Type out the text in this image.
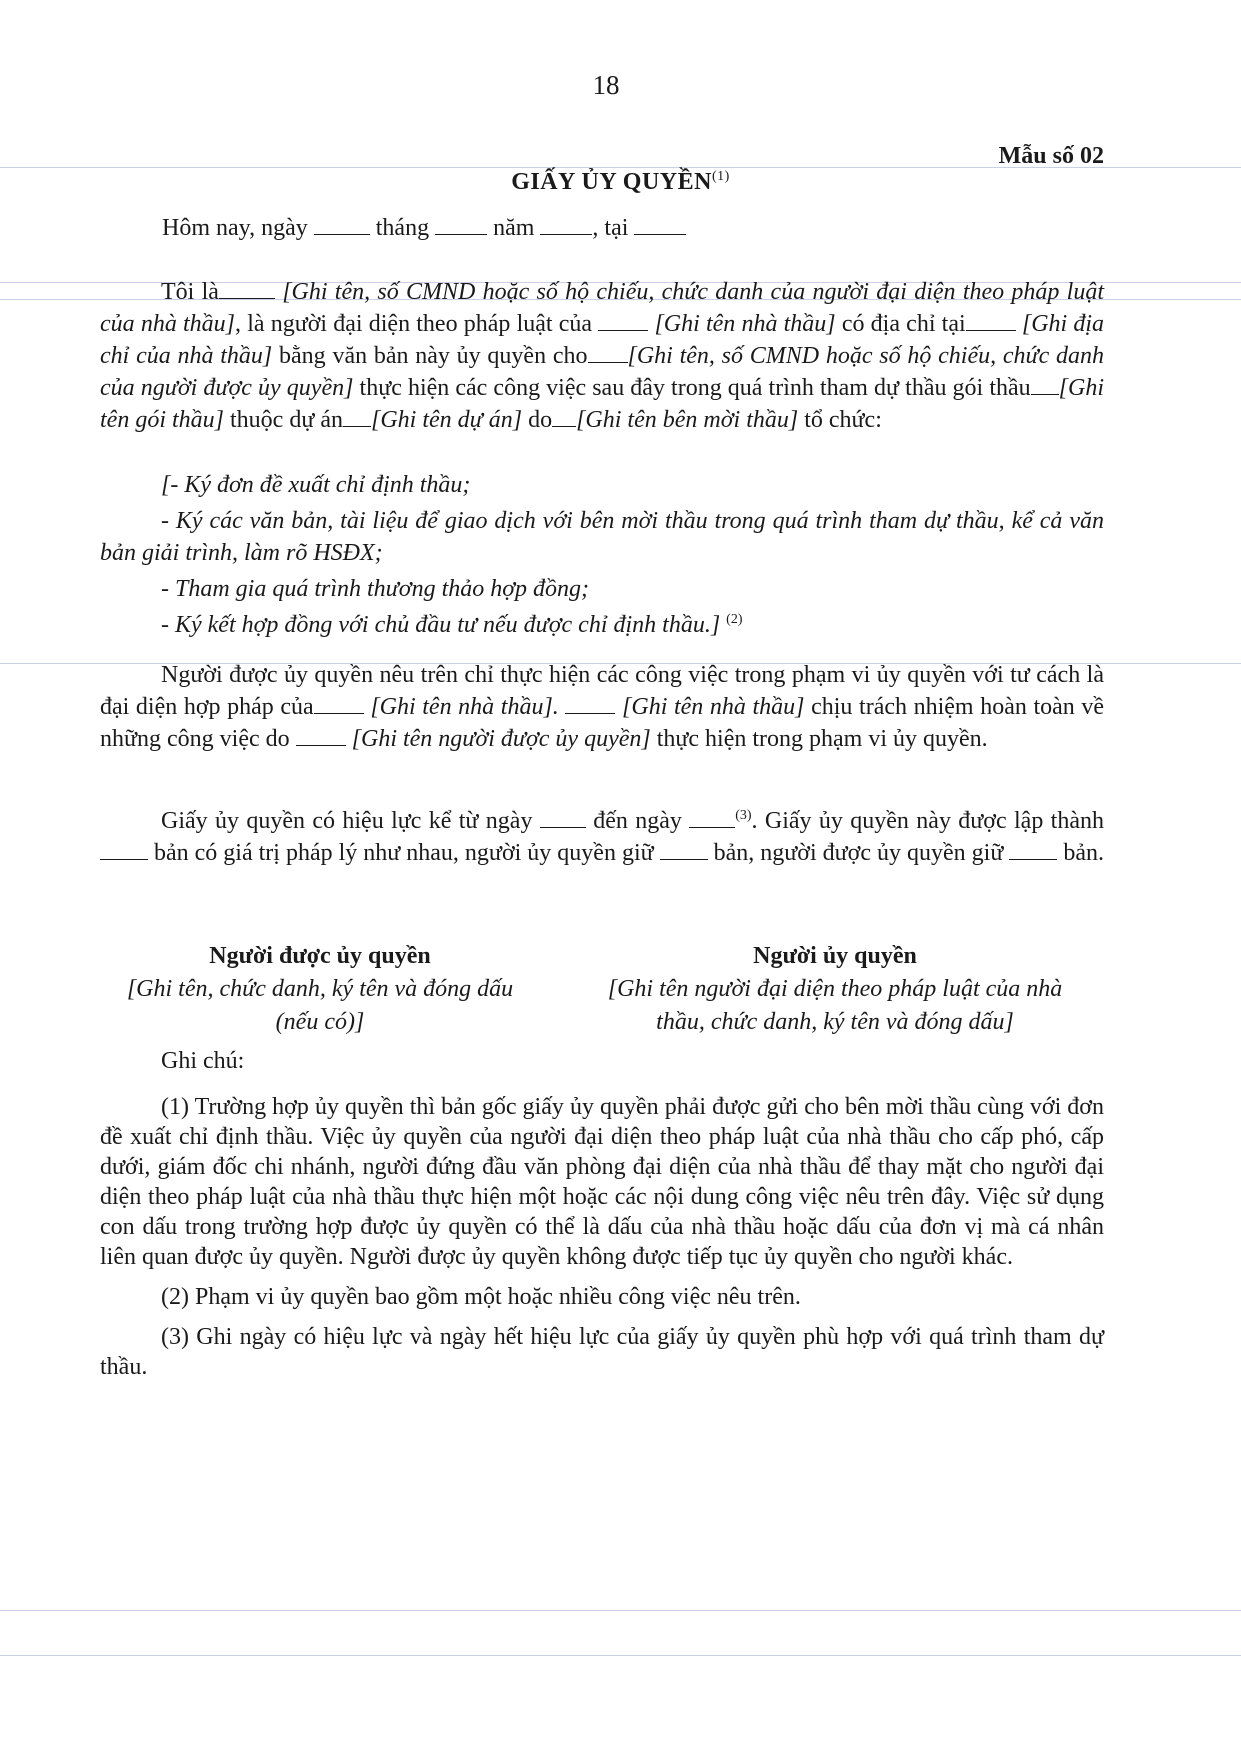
18
Mẫu số 02
GIẤY ỦY QUYỀN$^{(1)}$
Hôm nay, ngày	tháng	năm , tại
Tôi là	[Ghi tên, số CMND hoặc số hộ chiếu, chức danh của người đại diện theo pháp luật của nhà thầu], là người đại diện theo pháp luật của	[Ghi tên nhà thầu] có địa chỉ tại [Ghi địa chỉ của nhà thầu] bằng văn bản này ủy quyền cho [Ghi tên, số CMND hoặc số hộ chiếu, chức danh của người được ủy quyền] thực hiện các công việc sau đây trong quá trình tham dự thầu gói thầu [Ghi tên gói thầu] thuộc dự án [Ghi tên dự án] do [Ghi tên bên mời thầu] tổ chức:

[- Ký đơn đề xuất chỉ định thầu;

- Ký các văn bản, tài liệu để giao dịch với bên mời thầu trong quá trình tham dự thầu, kể cả văn bản giải trình, làm rõ HSĐX;

- Tham gia quá trình thương thảo hợp đồng;

- Ký kết hợp đồng với chủ đầu tư nếu được chỉ định thầu.] $^{(2)}$

Người được ủy quyền nêu trên chỉ thực hiện các công việc trong phạm vi ủy quyền với tư cách là đại diện hợp pháp của [Ghi tên nhà thầu].	[Ghi tên nhà thầu] chịu trách nhiệm hoàn toàn về những công việc do	[Ghi tên người được ủy quyền] thực hiện trong phạm vi ủy quyền.
Giấy ủy quyền có hiệu lực kể từ ngày	đến ngày	$^{(3)}$. Giấy ủy quyền này được lập thành  bản có giá trị pháp lý như nhau, người ủy quyền giữ	bản, người được ủy quyền giữ	bản.
Người được ủy quyền
[Ghi tên, chức danh, ký tên và đóng dấu
(nếu có)]
Người ủy quyền
[Ghi tên người đại diện theo pháp luật của nhà
thầu, chức danh, ký tên và đóng dấu]
Ghi chú:

(1) Trường hợp ủy quyền thì bản gốc giấy ủy quyền phải được gửi cho bên mời thầu cùng với đơn đề xuất chỉ định thầu. Việc ủy quyền của người đại diện theo pháp luật của nhà thầu cho cấp phó, cấp dưới, giám đốc chi nhánh, người đứng đầu văn phòng đại diện của nhà thầu để thay mặt cho người đại diện theo pháp luật của nhà thầu thực hiện một hoặc các nội dung công việc nêu trên đây. Việc sử dụng con dấu trong trường hợp được ủy quyền có thể là dấu của nhà thầu hoặc dấu của đơn vị mà cá nhân liên quan được ủy quyền. Người được ủy quyền không được tiếp tục ủy quyền cho người khác.

(2) Phạm vi ủy quyền bao gồm một hoặc nhiều công việc nêu trên.

(3) Ghi ngày có hiệu lực và ngày hết hiệu lực của giấy ủy quyền phù hợp với quá trình tham dự thầu.
